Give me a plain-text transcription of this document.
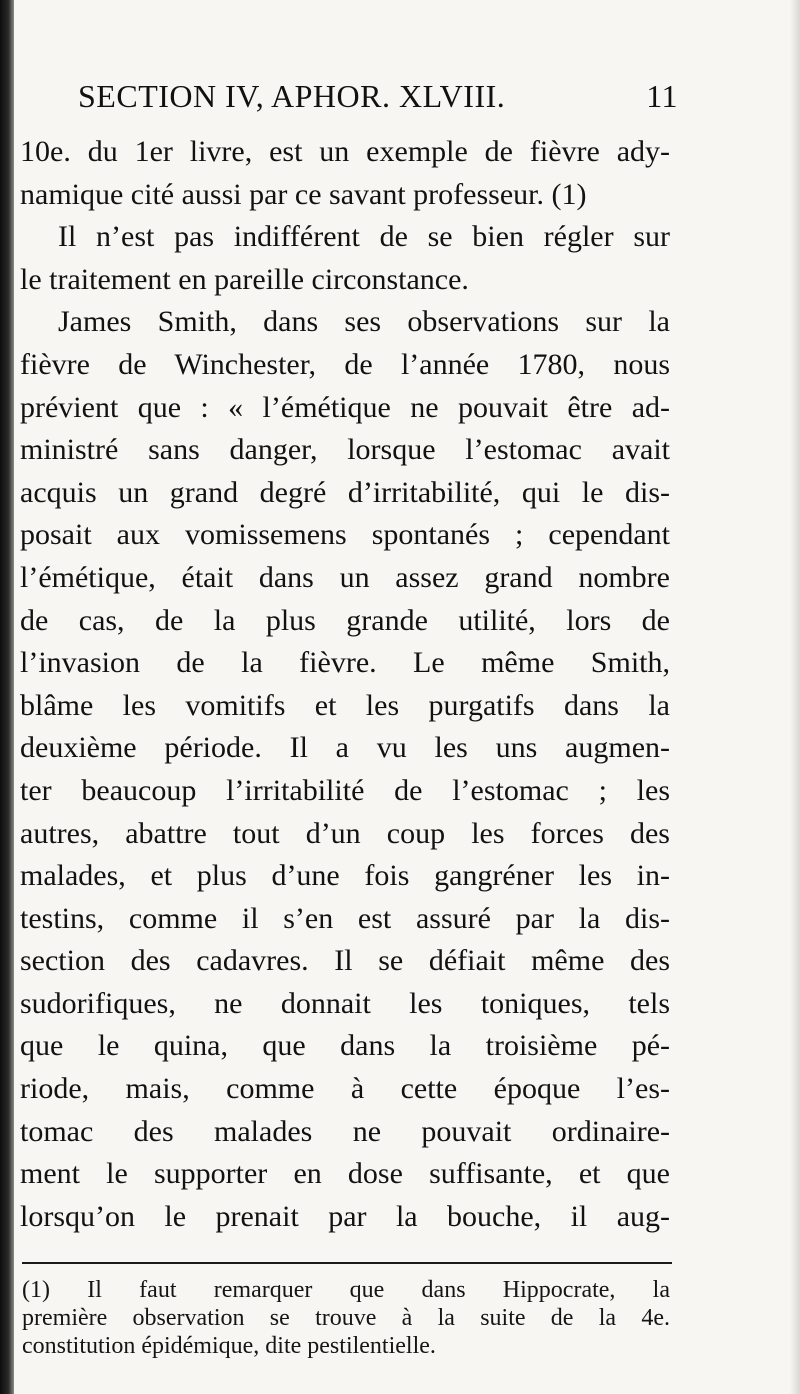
SECTION IV, APHOR. XLVIII.	11
10e. du 1er livre, est un exemple de fièvre ady-
namique cité aussi par ce savant professeur. (1)
Il n’est pas indifférent de se bien régler sur
le traitement en pareille circonstance.
James Smith, dans ses observations sur la
fièvre de Winchester, de l’année 1780, nous
prévient que : « l’émétique ne pouvait être ad-
ministré sans danger, lorsque l’estomac avait
acquis un grand degré d’irritabilité, qui le dis-
posait aux vomissemens spontanés ; cependant
l’émétique, était dans un assez grand nombre
de cas, de la plus grande utilité, lors de
l’invasion de la fièvre. Le même Smith,
blâme les vomitifs et les purgatifs dans la
deuxième période. Il a vu les uns augmen-
ter beaucoup l’irritabilité de l’estomac ; les
autres, abattre tout d’un coup les forces des
malades, et plus d’une fois gangréner les in-
testins, comme il s’en est assuré par la dis-
section des cadavres. Il se défiait même des
sudorifiques, ne donnait les toniques, tels
que le quina, que dans la troisième pé-
riode, mais, comme à cette époque l’es-
tomac des malades ne pouvait ordinaire-
ment le supporter en dose suffisante, et que
lorsqu’on le prenait par la bouche, il aug-
(1) Il faut remarquer que dans Hippocrate, la
première observation se trouve à la suite de la 4e.
constitution épidémique, dite pestilentielle.
